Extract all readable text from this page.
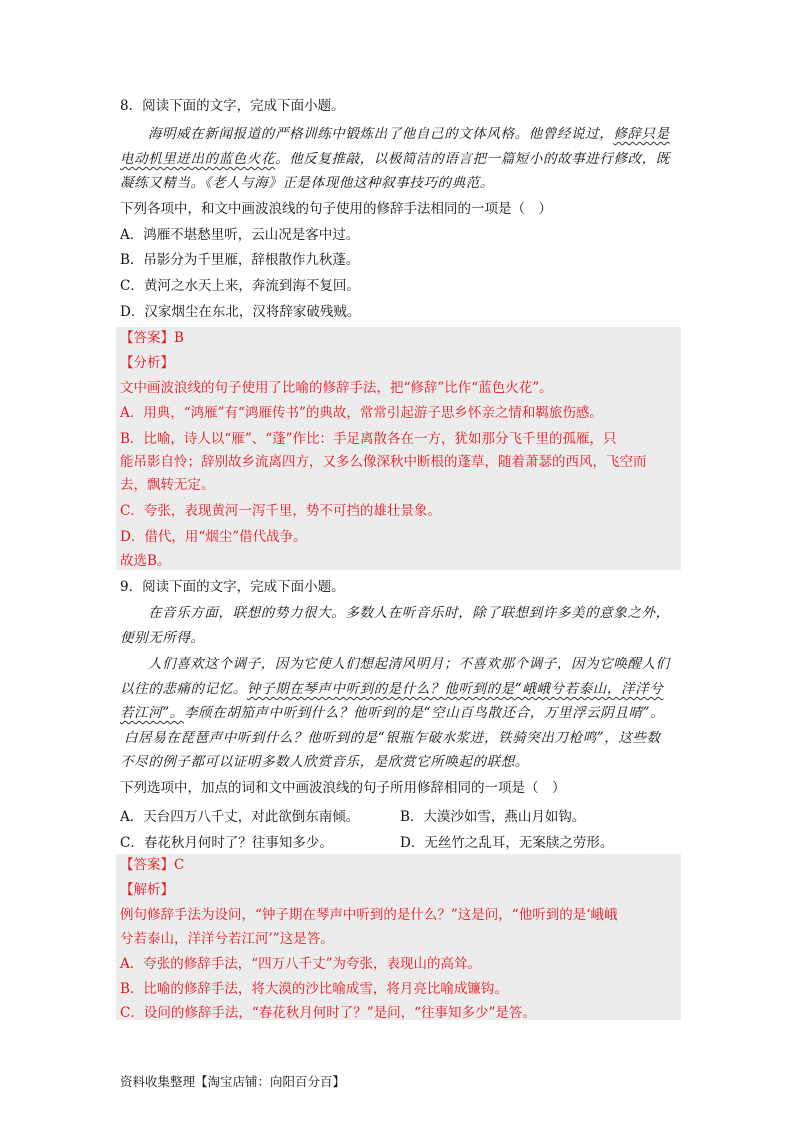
8．阅读下面的文字，完成下面小题。
海明威在新闻报道的严格训练中锻炼出了他自己的文体风格。他曾经说过，修辞只是
电动机里迸出的蓝色火花。他反复推敲，以极简洁的语言把一篇短小的故事进行修改，既
凝练又精当。《老人与海》正是体现他这种叙事技巧的典范。
下列各项中，和文中画波浪线的句子使用的修辞手法相同的一项是（　）
A．鸿雁不堪愁里听，云山况是客中过。
B．吊影分为千里雁，辞根散作九秋蓬。
C．黄河之水天上来，奔流到海不复回。
D．汉家烟尘在东北，汉将辞家破残贼。
【答案】B
【分析】
文中画波浪线的句子使用了比喻的修辞手法，把“修辞”比作“蓝色火花”。
A．用典，“鸿雁”有“鸿雁传书”的典故，常常引起游子思乡怀亲之情和羁旅伤感。
B．比喻，诗人以“雁”、“蓬”作比：手足离散各在一方，犹如那分飞千里的孤雁，只
能吊影自怜；辞别故乡流离四方，又多么像深秋中断根的蓬草，随着萧瑟的西风，飞空而
去，飘转无定。
C．夸张，表现黄河一泻千里，势不可挡的雄壮景象。
D．借代，用“烟尘”借代战争。
故选B。
9．阅读下面的文字，完成下面小题。
在音乐方面，联想的势力很大。多数人在听音乐时，除了联想到许多美的意象之外，
便别无所得。
人们喜欢这个调子，因为它使人们想起清风明月；不喜欢那个调子，因为它唤醒人们
以往的悲痛的记忆。钟子期在琴声中听到的是什么？他听到的是“峨峨兮若泰山，洋洋兮
若江河”。李颀在胡笳声中听到什么？他听到的是“空山百鸟散还合，万里浮云阴且晴”。
白居易在琵琶声中听到什么？他听到的是“银瓶乍破水浆迸，铁骑突出刀枪鸣”，这些数
不尽的例子都可以证明多数人欣赏音乐，是欣赏它所唤起的联想。
下列选项中，加点的词和文中画波浪线的句子所用修辞相同的一项是（　）
A．天台四万八千丈，对此欲倒东南倾。	B．大漠沙如雪，燕山月如钩。
C．春花秋月何时了？往事知多少。	D．无丝竹之乱耳，无案牍之劳形。
【答案】C
【解析】
例句修辞手法为设问，“钟子期在琴声中听到的是什么？”这是问，“他听到的是‘峨峨
兮若泰山，洋洋兮若江河’”这是答。
A．夸张的修辞手法，“四万八千丈”为夸张，表现山的高耸。
B．比喻的修辞手法，将大漠的沙比喻成雪，将月亮比喻成镰钩。
C．设问的修辞手法，“春花秋月何时了？”是问，“往事知多少”是答。
资料收集整理【淘宝店铺：向阳百分百】
